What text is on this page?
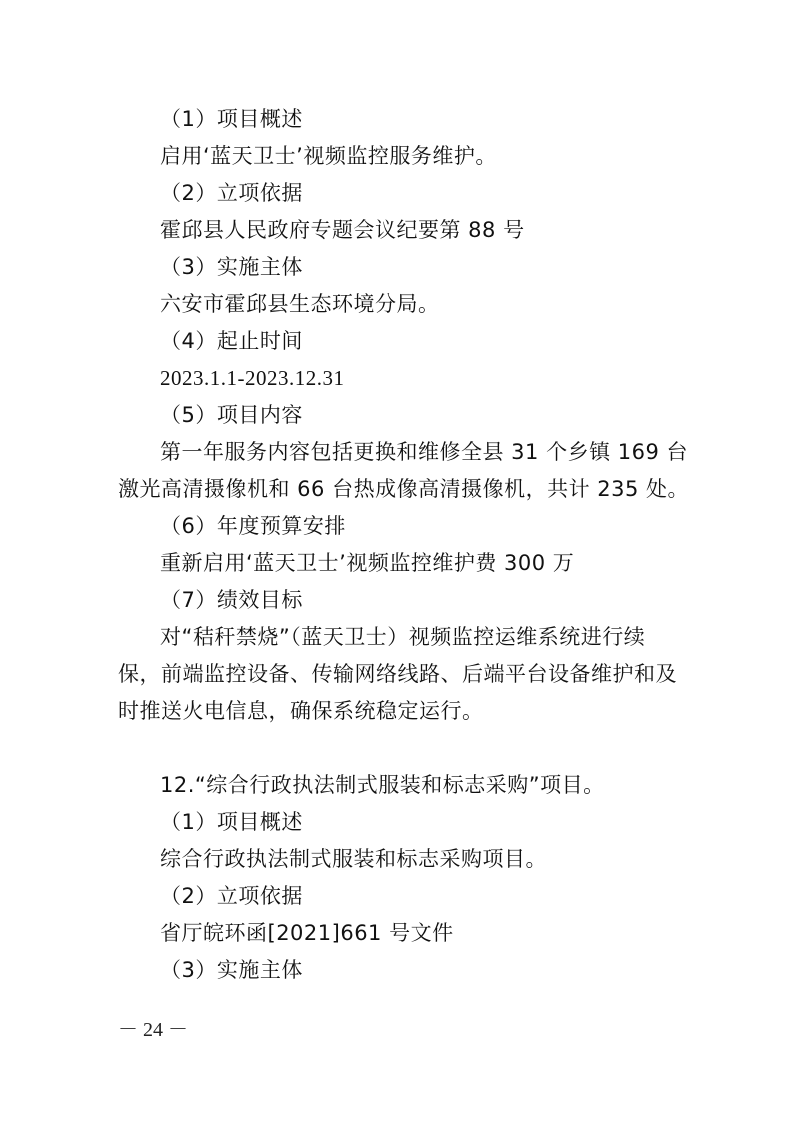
（1）项目概述
启用‘蓝天卫士’视频监控服务维护。
（2）立项依据
霍邱县人民政府专题会议纪要第 88 号
（3）实施主体
六安市霍邱县生态环境分局。
（4）起止时间
2023.1.1-2023.12.31
（5）项目内容
第一年服务内容包括更换和维修全县 31 个乡镇 169 台
激光高清摄像机和 66 台热成像高清摄像机，共计 235 处。
（6）年度预算安排
重新启用‘蓝天卫士’视频监控维护费 300 万
（7）绩效目标
对“秸秆禁烧”（蓝天卫士）视频监控运维系统进行续
保，前端监控设备、传输网络线路、后端平台设备维护和及
时推送火电信息，确保系统稳定运行。
12.“综合行政执法制式服装和标志采购”项目。
（1）项目概述
综合行政执法制式服装和标志采购项目。
（2）立项依据
省厅皖环函[2021]661 号文件
（3）实施主体
－ 24 －
